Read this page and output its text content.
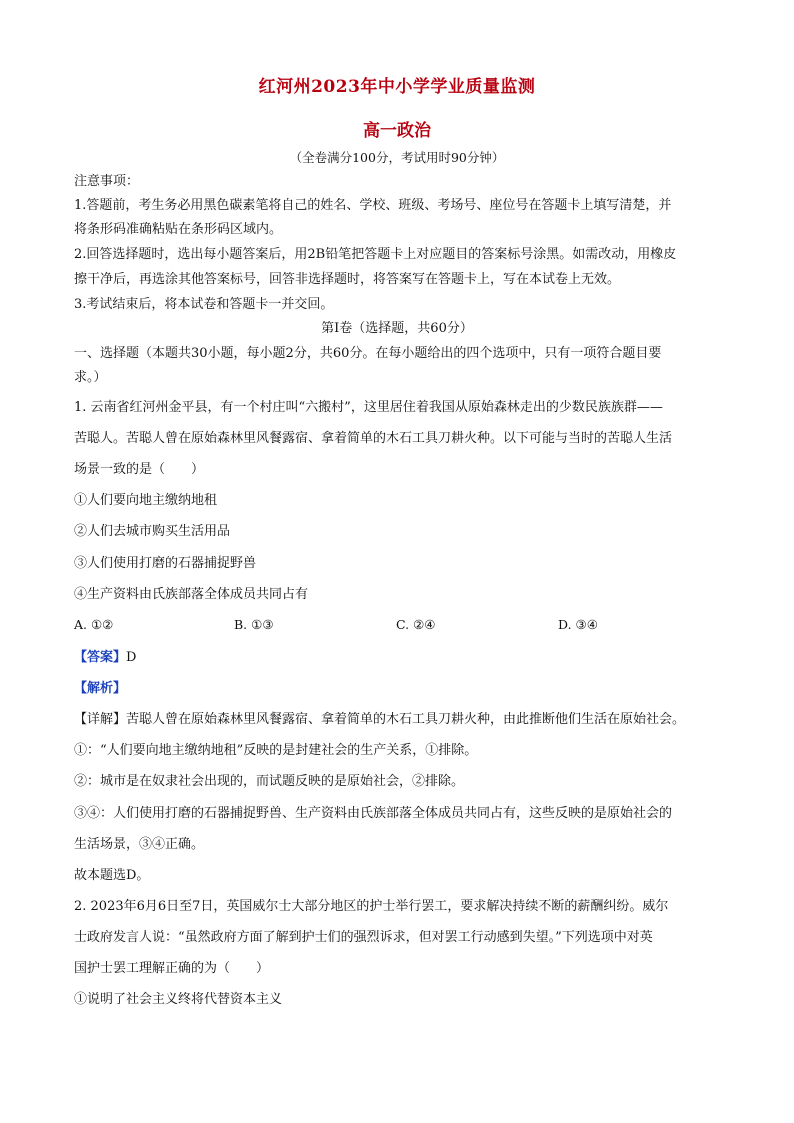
红河州2023年中小学学业质量监测
高一政治
（全卷满分100分，考试用时90分钟）
注意事项：
1.答题前，考生务必用黑色碳素笔将自己的姓名、学校、班级、考场号、座位号在答题卡上填写清楚，并
将条形码准确粘贴在条形码区域内。
2.回答选择题时，选出每小题答案后，用2B铅笔把答题卡上对应题目的答案标号涂黑。如需改动，用橡皮
擦干净后，再选涂其他答案标号，回答非选择题时，将答案写在答题卡上，写在本试卷上无效。
3.考试结束后，将本试卷和答题卡一并交回。
第Ⅰ卷（选择题，共60分）
一、选择题（本题共30小题，每小题2分，共60分。在每小题给出的四个选项中，只有一项符合题目要
求。）
1. 云南省红河州金平县，有一个村庄叫“六搬村”，这里居住着我国从原始森林走出的少数民族族群——
苦聪人。苦聪人曾在原始森林里风餐露宿、拿着简单的木石工具刀耕火种。以下可能与当时的苦聪人生活
场景一致的是（　　）
①人们要向地主缴纳地租
②人们去城市购买生活用品
③人们使用打磨的石器捕捉野兽
④生产资料由氏族部落全体成员共同占有
A. ①②	B. ①③	C. ②④	D. ③④
【答案】D
【解析】
【详解】苦聪人曾在原始森林里风餐露宿、拿着简单的木石工具刀耕火种，由此推断他们生活在原始社会。
①：“人们要向地主缴纳地租”反映的是封建社会的生产关系，①排除。
②：城市是在奴隶社会出现的，而试题反映的是原始社会，②排除。
③④：人们使用打磨的石器捕捉野兽、生产资料由氏族部落全体成员共同占有，这些反映的是原始社会的
生活场景，③④正确。
故本题选D。
2. 2023年6月6日至7日，英国威尔士大部分地区的护士举行罢工，要求解决持续不断的薪酬纠纷。威尔
士政府发言人说：“虽然政府方面了解到护士们的强烈诉求，但对罢工行动感到失望。”下列选项中对英
国护士罢工理解正确的为（　　）
①说明了社会主义终将代替资本主义
